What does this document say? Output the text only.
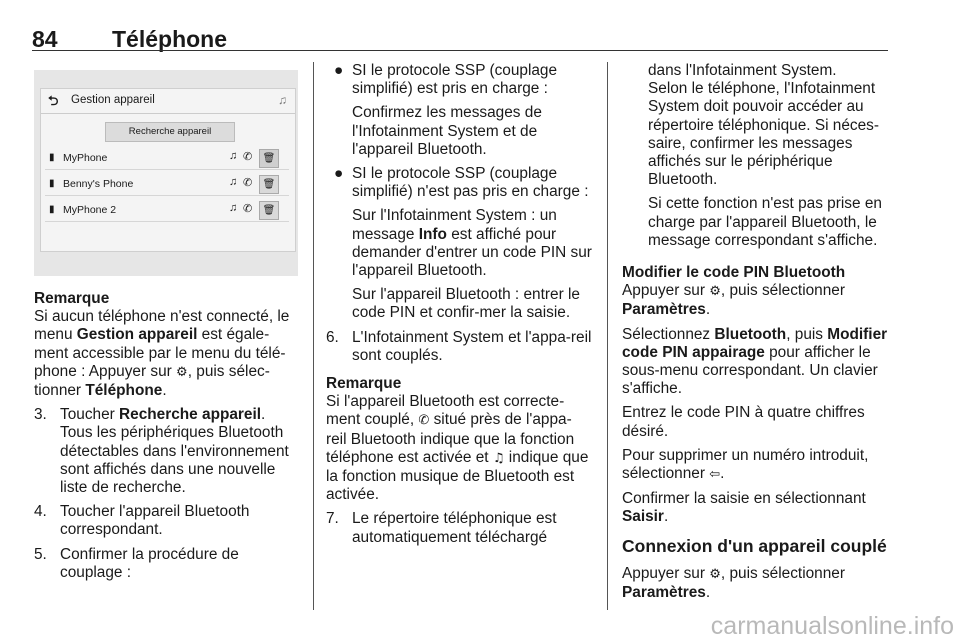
84 Téléphone
⮌ Gestion appareil	♫
Recherche appareil
▮ MyPhone	♫ ✆	🗑
▮ Benny's Phone	♫ ✆	🗑
▮ MyPhone 2	♫ ✆	🗑

Remarque
Si aucun téléphone n'est connecté, le menu Gestion appareil est égale-ment accessible par le menu du télé-phone : Appuyer sur ⚙, puis sélec-tionner Téléphone.

3. Toucher Recherche appareil.
Tous les périphériques Bluetooth détectables dans l'environnement sont affichés dans une nouvelle liste de recherche.
4. Toucher l'appareil Bluetooth correspondant.
5. Confirmer la procédure de couplage :
● SI le protocole SSP (couplage simplifié) est pris en charge :

Confirmez les messages de l'Infotainment System et de l'appareil Bluetooth.

● SI le protocole SSP (couplage simplifié) n'est pas pris en charge :

Sur l'Infotainment System : un message Info est affiché pour demander d'entrer un code PIN sur l'appareil Bluetooth.

Sur l'appareil Bluetooth : entrer le code PIN et confir-mer la saisie.

6. L'Infotainment System et l'appa-reil sont couplés.

Remarque
Si l'appareil Bluetooth est correcte-ment couplé, ✆ situé près de l'appa-reil Bluetooth indique que la fonction téléphone est activée et ♫ indique que la fonction musique de Bluetooth est activée.

7. Le répertoire téléphonique est automatiquement téléchargé

dans l'Infotainment System.

Selon le téléphone, l'Infotainment System doit pouvoir accéder au répertoire téléphonique. Si néces-saire, confirmer les messages affichés sur le périphérique Bluetooth.

Si cette fonction n'est pas prise en charge par l'appareil Bluetooth, le message correspondant s'affiche.

Modifier le code PIN Bluetooth

Appuyer sur ⚙, puis sélectionner Paramètres.

Sélectionnez Bluetooth, puis Modifier code PIN appairage pour afficher le sous-menu correspondant. Un clavier s'affiche.

Entrez le code PIN à quatre chiffres désiré.

Pour supprimer un numéro introduit, sélectionner ⇦.

Confirmer la saisie en sélectionnant Saisir.

Connexion d'un appareil couplé

Appuyer sur ⚙, puis sélectionner Paramètres.

carmanualsonline.info
